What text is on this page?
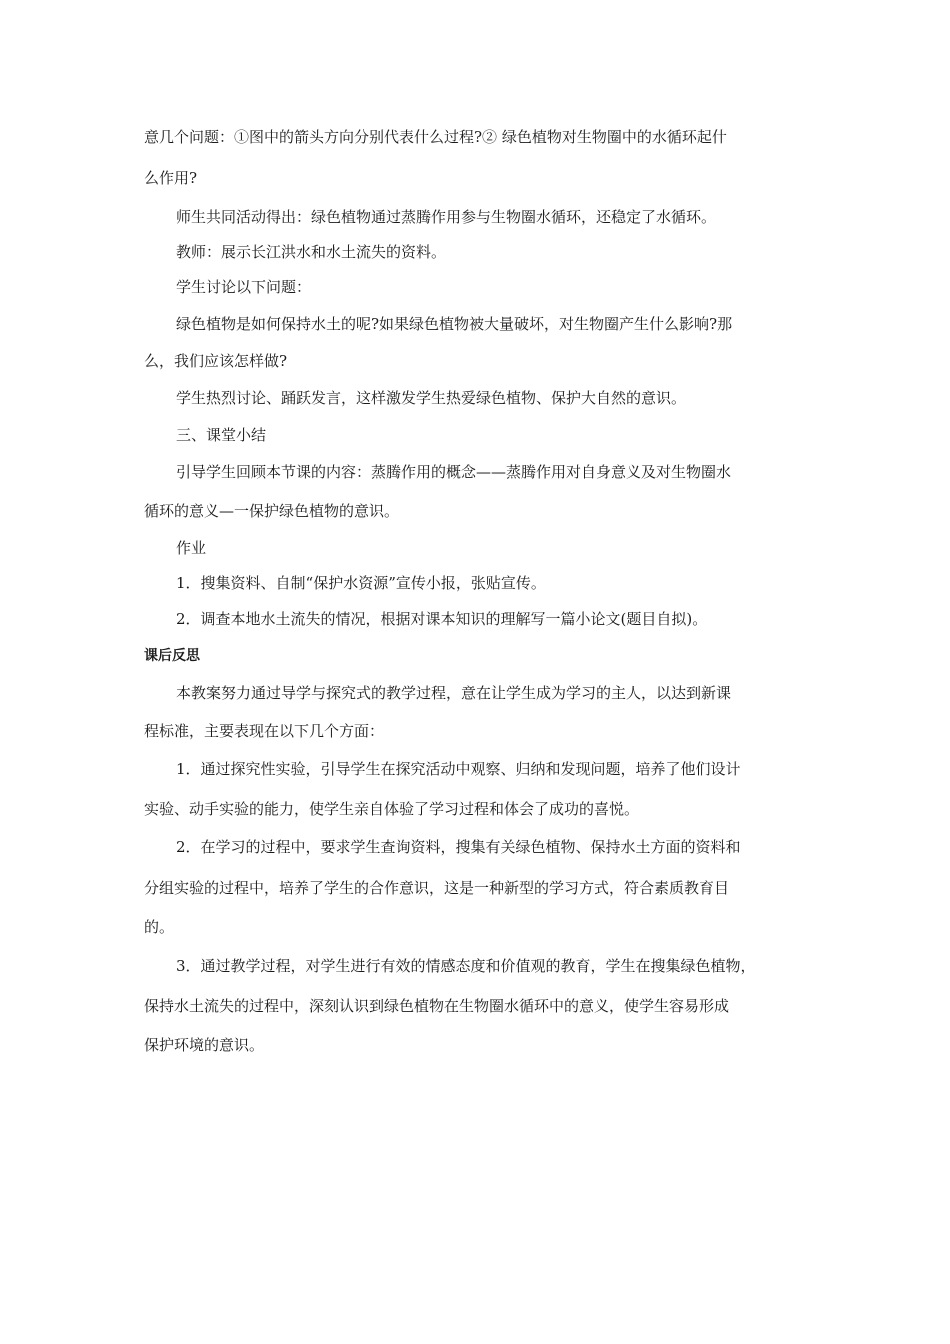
意几个问题：①图中的箭头方向分别代表什么过程?② 绿色植物对生物圈中的水循环起什
么作用?
师生共同活动得出：绿色植物通过蒸腾作用参与生物圈水循环，还稳定了水循环。
教师：展示长江洪水和水土流失的资料。
学生讨论以下问题：
绿色植物是如何保持水土的呢?如果绿色植物被大量破坏，对生物圈产生什么影响?那
么，我们应该怎样做?
学生热烈讨论、踊跃发言，这样激发学生热爱绿色植物、保护大自然的意识。
三、课堂小结
引导学生回顾本节课的内容：蒸腾作用的概念——蒸腾作用对自身意义及对生物圈水
循环的意义—一保护绿色植物的意识。
作业
1．搜集资料、自制“保护水资源”宣传小报，张贴宣传。
2．调查本地水土流失的情况，根据对课本知识的理解写一篇小论文(题目自拟)。
课后反思
本教案努力通过导学与探究式的教学过程，意在让学生成为学习的主人，以达到新课
程标准，主要表现在以下几个方面：
1．通过探究性实验，引导学生在探究活动中观察、归纳和发现问题，培养了他们设计
实验、动手实验的能力，使学生亲自体验了学习过程和体会了成功的喜悦。
2．在学习的过程中，要求学生查询资料，搜集有关绿色植物、保持水土方面的资料和
分组实验的过程中，培养了学生的合作意识，这是一种新型的学习方式，符合素质教育目
的。
3．通过教学过程，对学生进行有效的情感态度和价值观的教育，学生在搜集绿色植物，
保持水土流失的过程中，深刻认识到绿色植物在生物圈水循环中的意义，使学生容易形成
保护环境的意识。
